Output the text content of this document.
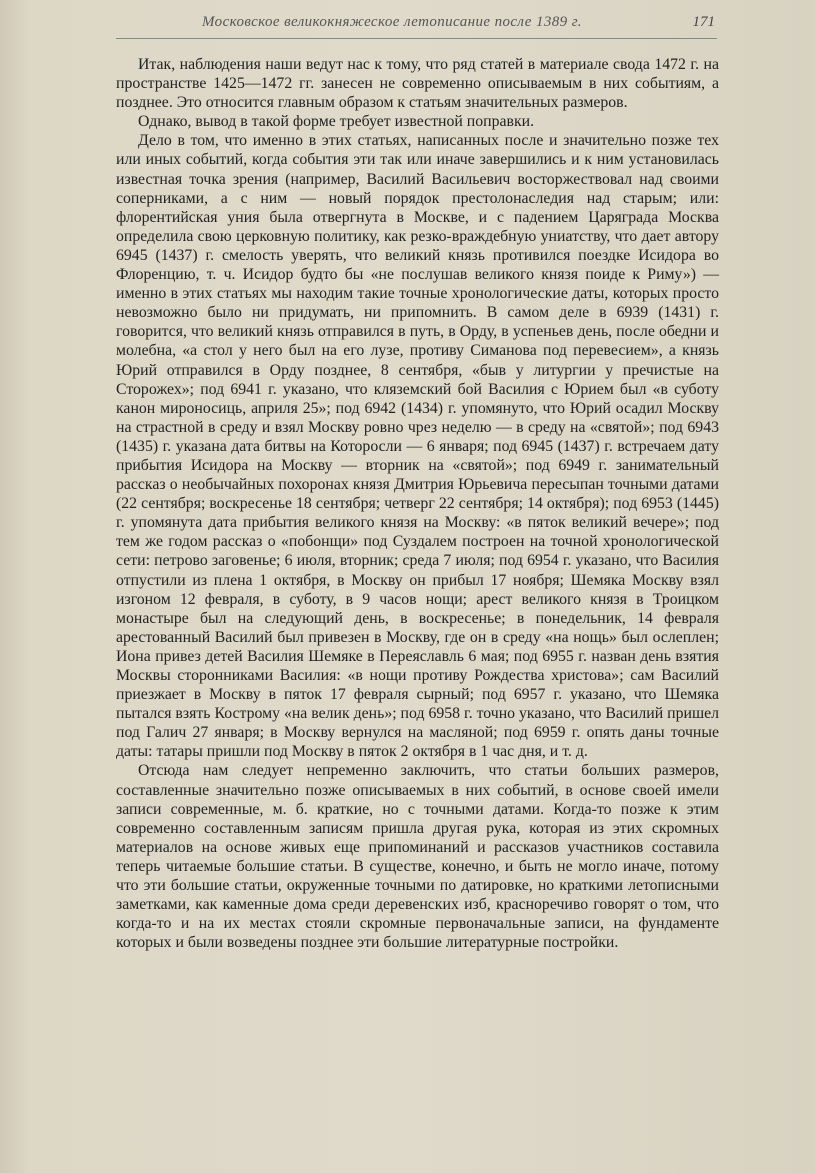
Московское великокняжеское летописание после 1389 г.	171

Итак, наблюдения наши ведут нас к тому, что ряд статей в материале свода 1472 г. на пространстве 1425—1472 гг. занесен не современно описываемым в них событиям, а позднее. Это относится главным образом к статьям значительных размеров.

Однако, вывод в такой форме требует известной поправки.

Дело в том, что именно в этих статьях, написанных после и значительно позже тех или иных событий, когда события эти так или иначе завершились и к ним установилась известная точка зрения (например, Василий Васильевич восторжествовал над своими соперниками, а с ним — новый порядок престолонаследия над старым; или: флорентийская уния была отвергнута в Москве, и с падением Царяграда Москва определила свою церковную политику, как резко-враждебную униатству, что дает автору 6945 (1437) г. смелость уверять, что великий князь противился поездке Исидора во Флоренцию, т. ч. Исидор будто бы «не послушав великого князя поиде к Риму») — именно в этих статьях мы находим такие точные хронологические даты, которых просто невозможно было ни придумать, ни припомнить. В самом деле в 6939 (1431) г. говорится, что великий князь отправился в путь, в Орду, в успеньев день, после обедни и молебна, «а стол у него был на его лузе, противу Симанова под перевесием», а князь Юрий отправился в Орду позднее, 8 сентября, «быв у литургии у пречистые на Сторожех»; под 6941 г. указано, что кляземский бой Василия с Юрием был «в суботу канон мироносиць, априля 25»; под 6942 (1434) г. упомянуто, что Юрий осадил Москву на страстной в среду и взял Москву ровно чрез неделю — в среду на «святой»; под 6943 (1435) г. указана дата битвы на Которосли — 6 января; под 6945 (1437) г. встречаем дату прибытия Исидора на Москву — вторник на «святой»; под 6949 г. занимательный рассказ о необычайных похоронах князя Дмитрия Юрьевича пересыпан точными датами (22 сентября; воскресенье 18 сентября; четверг 22 сентября; 14 октября); под 6953 (1445) г. упомянута дата прибытия великого князя на Москву: «в пяток великий вечере»; под тем же годом рассказ о «побонщи» под Суздалем построен на точной хронологической сети: петрово заговенье; 6 июля, вторник; среда 7 июля; под 6954 г. указано, что Василия отпустили из плена 1 октября, в Москву он прибыл 17 ноября; Шемяка Москву взял изгоном 12 февраля, в суботу, в 9 часов нощи; арест великого князя в Троицком монастыре был на следующий день, в воскресенье; в понедельник, 14 февраля арестованный Василий был привезен в Москву, где он в среду «на нощь» был ослеплен; Иона привез детей Василия Шемяке в Переяславль 6 мая; под 6955 г. назван день взятия Москвы сторонниками Василия: «в нощи противу Рождества христова»; сам Василий приезжает в Москву в пяток 17 февраля сырный; под 6957 г. указано, что Шемяка пытался взять Кострому «на велик день»; под 6958 г. точно указано, что Василий пришел под Галич 27 января; в Москву вернулся на масляной; под 6959 г. опять даны точные даты: татары пришли под Москву в пяток 2 октября в 1 час дня, и т. д.

Отсюда нам следует непременно заключить, что статьи больших размеров, составленные значительно позже описываемых в них событий, в основе своей имели записи современные, м. б. краткие, но с точными датами. Когда-то позже к этим современно составленным записям пришла другая рука, которая из этих скромных материалов на основе живых еще припоминаний и рассказов участников составила теперь читаемые большие статьи. В существе, конечно, и быть не могло иначе, потому что эти большие статьи, окруженные точными по датировке, но краткими летописными заметками, как каменные дома среди деревенских изб, красноречиво говорят о том, что когда-то и на их местах стояли скромные первоначальные записи, на фундаменте которых и были возведены позднее эти большие литературные постройки.
